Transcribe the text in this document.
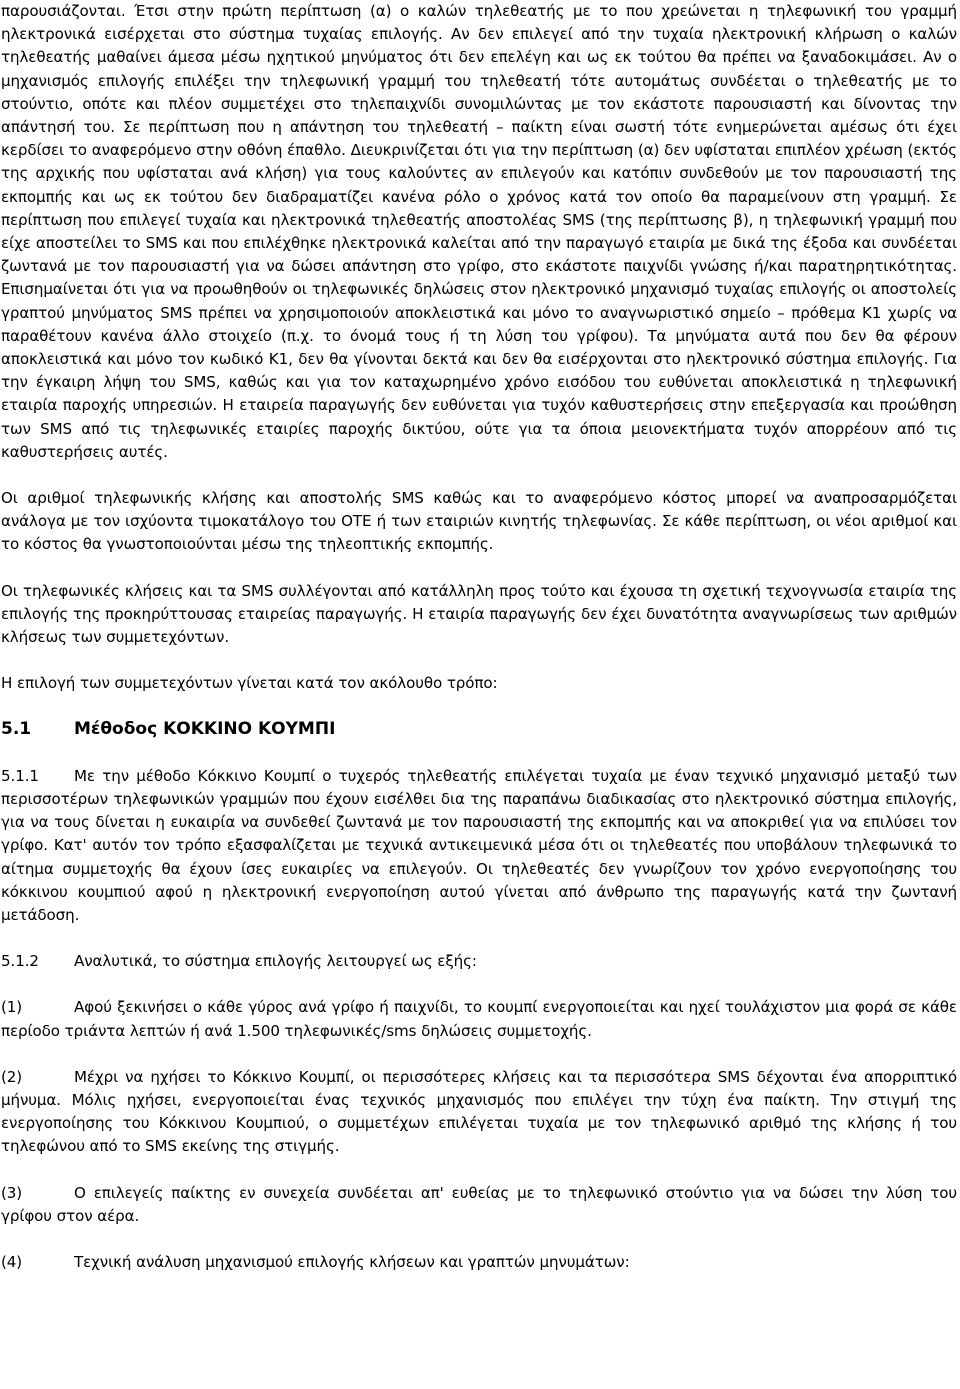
παρουσιάζονται. Έτσι στην πρώτη περίπτωση (α) ο καλών τηλεθεατής με το που χρεώνεται η τηλεφωνική του γραμμή ηλεκτρονικά εισέρχεται στο σύστημα τυχαίας επιλογής. Αν δεν επιλεγεί από την τυχαία ηλεκτρονική κλήρωση ο καλών τηλεθεατής μαθαίνει άμεσα μέσω ηχητικού μηνύματος ότι δεν επελέγη και ως εκ τούτου θα πρέπει να ξαναδοκιμάσει. Αν ο μηχανισμός επιλογής επιλέξει την τηλεφωνική γραμμή του τηλεθεατή τότε αυτομάτως συνδέεται ο τηλεθεατής με το στούντιο, οπότε και πλέον συμμετέχει στο τηλεπαιχνίδι συνομιλώντας με τον εκάστοτε παρουσιαστή και δίνοντας την απάντησή του. Σε περίπτωση που η απάντηση του τηλεθεατή – παίκτη είναι σωστή τότε ενημερώνεται αμέσως ότι έχει κερδίσει το αναφερόμενο στην οθόνη έπαθλο. Διευκρινίζεται ότι για την περίπτωση (α) δεν υφίσταται επιπλέον χρέωση (εκτός της αρχικής που υφίσταται ανά κλήση) για τους καλούντες αν επιλεγούν και κατόπιν συνδεθούν με τον παρουσιαστή της εκπομπής και ως εκ τούτου δεν διαδραματίζει κανένα ρόλο ο χρόνος κατά τον οποίο θα παραμείνουν στη γραμμή. Σε περίπτωση που επιλεγεί τυχαία και ηλεκτρονικά τηλεθεατής αποστολέας SMS (της περίπτωσης β), η τηλεφωνική γραμμή που είχε αποστείλει το SMS και που επιλέχθηκε ηλεκτρονικά καλείται από την παραγωγό εταιρία με δικά της έξοδα και συνδέεται ζωντανά με τον παρουσιαστή για να δώσει απάντηση στο γρίφο, στο εκάστοτε παιχνίδι γνώσης ή/και παρατηρητικότητας. Επισημαίνεται ότι για να προωθηθούν οι τηλεφωνικές δηλώσεις στον ηλεκτρονικό μηχανισμό τυχαίας επιλογής οι αποστολείς γραπτού μηνύματος SMS πρέπει να χρησιμοποιούν αποκλειστικά και μόνο το αναγνωριστικό σημείο – πρόθεμα Κ1 χωρίς να παραθέτουν κανένα άλλο στοιχείο (π.χ. το όνομά τους ή τη λύση του γρίφου). Τα μηνύματα αυτά που δεν θα φέρουν αποκλειστικά και μόνο τον κωδικό Κ1, δεν θα γίνονται δεκτά και δεν θα εισέρχονται στο ηλεκτρονικό σύστημα επιλογής. Για την έγκαιρη λήψη του SMS, καθώς και για τον καταχωρημένο χρόνο εισόδου του ευθύνεται αποκλειστικά η τηλεφωνική εταιρία παροχής υπηρεσιών. Η εταιρεία παραγωγής δεν ευθύνεται για τυχόν καθυστερήσεις στην επεξεργασία και προώθηση των SMS από τις τηλεφωνικές εταιρίες παροχής δικτύου, ούτε για τα όποια μειονεκτήματα τυχόν απορρέουν από τις καθυστερήσεις αυτές.

Οι αριθμοί τηλεφωνικής κλήσης και αποστολής SMS καθώς και το αναφερόμενο κόστος μπορεί να αναπροσαρμόζεται ανάλογα με τον ισχύοντα τιμοκατάλογο του ΟΤΕ ή των εταιριών κινητής τηλεφωνίας. Σε κάθε περίπτωση, οι νέοι αριθμοί και το κόστος θα γνωστοποιούνται μέσω της τηλεοπτικής εκπομπής.

Οι τηλεφωνικές κλήσεις και τα SMS συλλέγονται από κατάλληλη προς τούτο και έχουσα τη σχετική τεχνογνωσία εταιρία της επιλογής της προκηρύττουσας εταιρείας παραγωγής. Η εταιρία παραγωγής δεν έχει δυνατότητα αναγνωρίσεως των αριθμών κλήσεως των συμμετεχόντων.

Η επιλογή των συμμετεχόντων γίνεται κατά τον ακόλουθο τρόπο:

5.1	Μέθοδος ΚΟΚΚΙΝΟ ΚΟΥΜΠΙ

5.1.1 Με την μέθοδο Κόκκινο Κουμπί ο τυχερός τηλεθεατής επιλέγεται τυχαία με έναν τεχνικό μηχανισμό μεταξύ των περισσοτέρων τηλεφωνικών γραμμών που έχουν εισέλθει δια της παραπάνω διαδικασίας στο ηλεκτρονικό σύστημα επιλογής, για να τους δίνεται η ευκαιρία να συνδεθεί ζωντανά με τον παρουσιαστή της εκπομπής και να αποκριθεί για να επιλύσει τον γρίφο. Κατ' αυτόν τον τρόπο εξασφαλίζεται με τεχνικά αντικειμενικά μέσα ότι οι τηλεθεατές που υποβάλουν τηλεφωνικά το αίτημα συμμετοχής θα έχουν ίσες ευκαιρίες να επιλεγούν. Οι τηλεθεατές δεν γνωρίζουν τον χρόνο ενεργοποίησης του κόκκινου κουμπιού αφού η ηλεκτρονική ενεργοποίηση αυτού γίνεται από άνθρωπο της παραγωγής κατά την ζωντανή μετάδοση.

5.1.2 Αναλυτικά, το σύστημα επιλογής λειτουργεί ως εξής:

(1)	Αφού ξεκινήσει ο κάθε γύρος ανά γρίφο ή παιχνίδι, το κουμπί ενεργοποιείται και ηχεί τουλάχιστον μια φορά σε κάθε περίοδο τριάντα λεπτών ή ανά 1.500 τηλεφωνικές/sms δηλώσεις συμμετοχής.

(2)	Μέχρι να ηχήσει το Κόκκινο Κουμπί, οι περισσότερες κλήσεις και τα περισσότερα SMS δέχονται ένα απορριπτικό μήνυμα. Μόλις ηχήσει, ενεργοποιείται ένας τεχνικός μηχανισμός που επιλέγει την τύχη ένα παίκτη. Την στιγμή της ενεργοποίησης του Κόκκινου Κουμπιού, ο συμμετέχων επιλέγεται τυχαία με τον τηλεφωνικό αριθμό της κλήσης ή του τηλεφώνου από το SMS εκείνης της στιγμής.

(3)	Ο επιλεγείς παίκτης εν συνεχεία συνδέεται απ' ευθείας με το τηλεφωνικό στούντιο για να δώσει την λύση του γρίφου στον αέρα.

(4)	Τεχνική ανάλυση μηχανισμού επιλογής κλήσεων και γραπτών μηνυμάτων:
